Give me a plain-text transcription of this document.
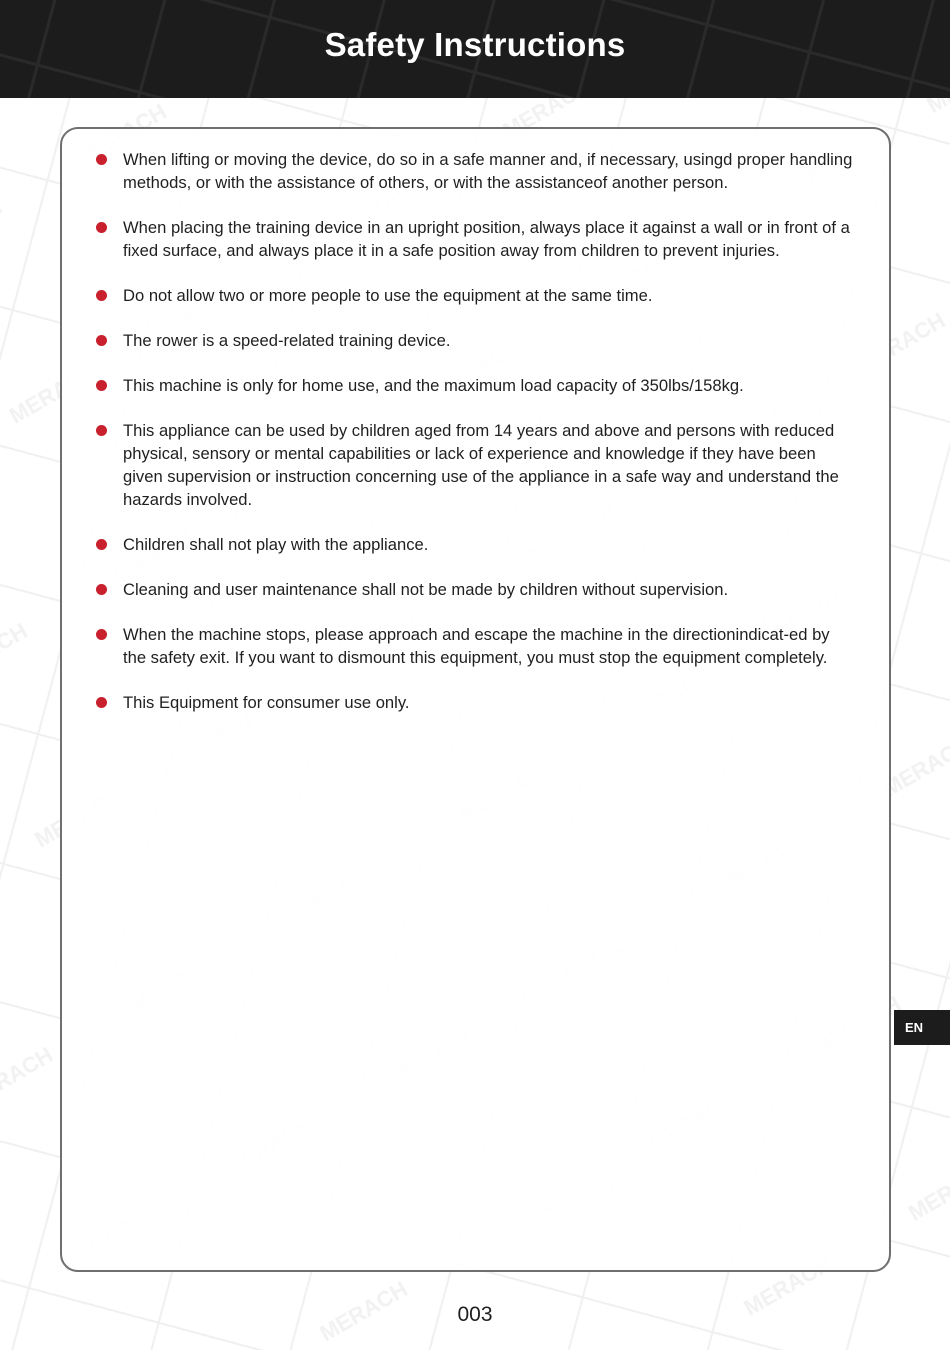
Safety Instructions
When lifting or moving the device, do so in a safe manner and, if necessary, usingd proper handling methods, or with the assistance of others, or with the assistanceof another person.
When placing the training device in an upright position, always place it against a wall or in front of a fixed surface, and always place it in a safe position away from children to prevent injuries.
Do not allow two or more people to use the equipment at the same time.
The rower is a speed-related training device.
This machine is only for home use, and the maximum load capacity of 350lbs/158kg.
This appliance can be used by children aged from 14 years and above and persons with reduced physical, sensory or mental capabilities or lack of experience and knowledge if they have been given supervision or instruction concerning use of the appliance in a safe way and understand the hazards involved.
Children shall not play with the appliance.
Cleaning and user maintenance shall not be made by children without supervision.
When the machine stops, please approach and escape the machine in the directionindicat-ed by the safety exit. If you want to dismount this equipment, you must stop the equipment completely.
This Equipment for consumer use only.
EN
003
